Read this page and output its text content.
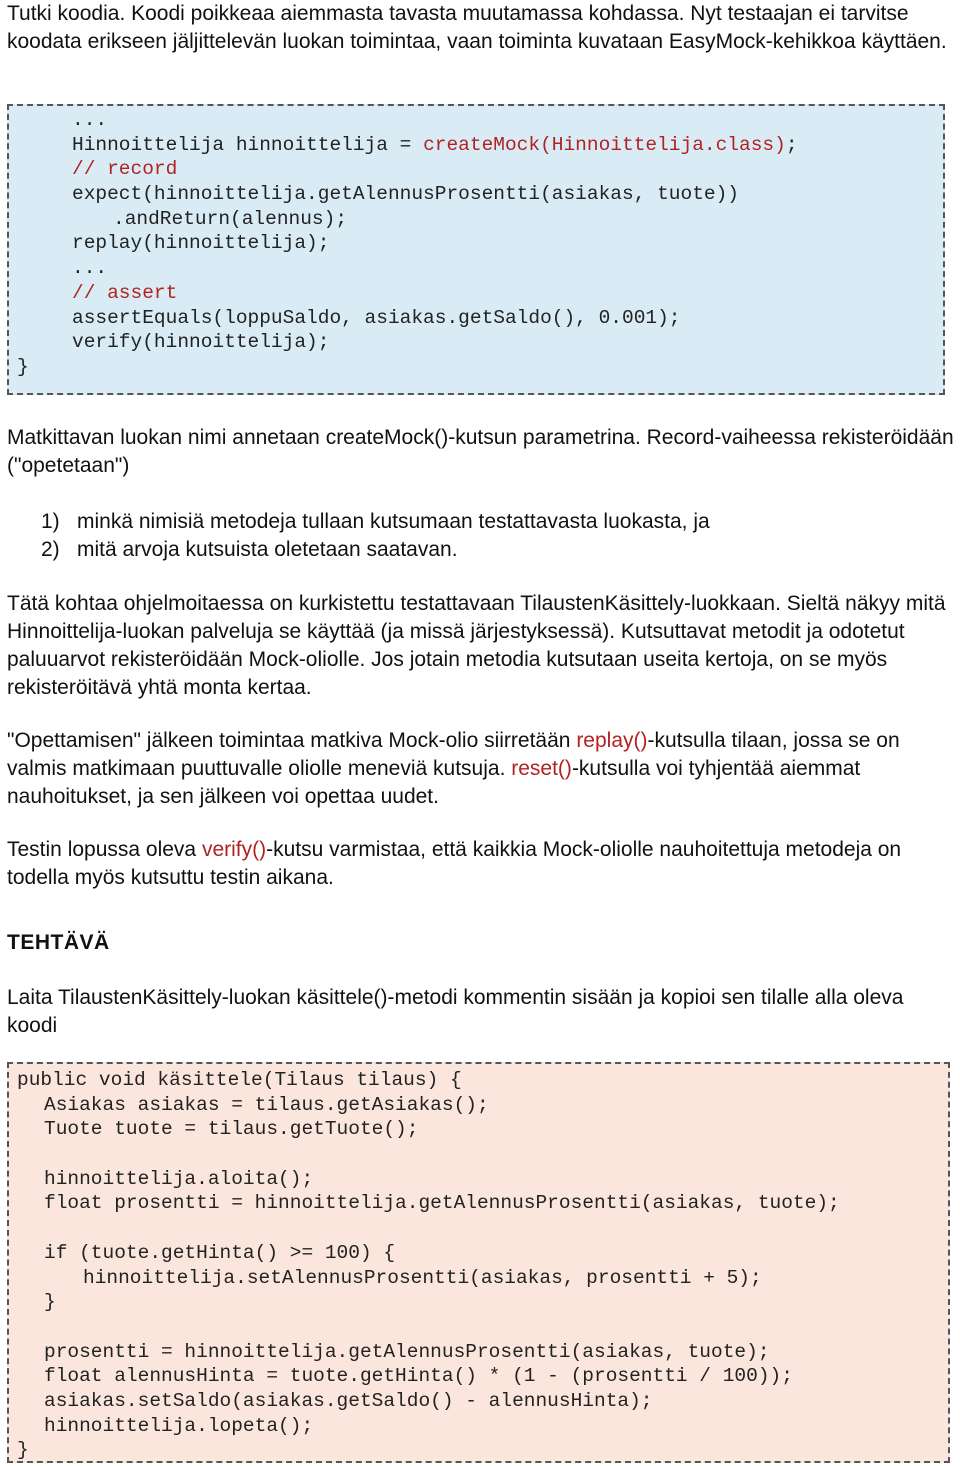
Tutki koodia. Koodi poikkeaa aiemmasta tavasta muutamassa kohdassa. Nyt testaajan ei tarvitse koodata erikseen jäljittelevän luokan toimintaa, vaan toiminta kuvataan EasyMock-kehikkoa käyttäen.

...
Hinnoittelija hinnoittelija = createMock(Hinnoittelija.class);
// record
expect(hinnoittelija.getAlennusProsentti(asiakas, tuote))
.andReturn(alennus);
replay(hinnoittelija);
...
// assert
assertEquals(loppuSaldo, asiakas.getSaldo(), 0.001);
verify(hinnoittelija);
}

Matkittavan luokan nimi annetaan createMock()-kutsun parametrina. Record-vaiheessa rekisteröidään ("opetetaan")

1) minkä nimisiä metodeja tullaan kutsumaan testattavasta luokasta, ja
2) mitä arvoja kutsuista oletetaan saatavan.

Tätä kohtaa ohjelmoitaessa on kurkistettu testattavaan TilaustenKäsittely-luokkaan. Sieltä näkyy mitä Hinnoittelija-luokan palveluja se käyttää (ja missä järjestyksessä). Kutsuttavat metodit ja odotetut paluuarvot rekisteröidään Mock-oliolle. Jos jotain metodia kutsutaan useita kertoja, on se myös rekisteröitävä yhtä monta kertaa.

"Opettamisen" jälkeen toimintaa matkiva Mock-olio siirretään replay()-kutsulla tilaan, jossa se on valmis matkimaan puuttuvalle oliolle meneviä kutsuja. reset()-kutsulla voi tyhjentää aiemmat nauhoitukset, ja sen jälkeen voi opettaa uudet.

Testin lopussa oleva verify()-kutsu varmistaa, että kaikkia Mock-oliolle nauhoitettuja metodeja on todella myös kutsuttu testin aikana.

TEHTÄVÄ

Laita TilaustenKäsittely-luokan käsittele()-metodi kommentin sisään ja kopioi sen tilalle alla oleva koodi

public void käsittele(Tilaus tilaus) {
Asiakas asiakas = tilaus.getAsiakas();
Tuote tuote = tilaus.getTuote();
hinnoittelija.aloita();
float prosentti = hinnoittelija.getAlennusProsentti(asiakas, tuote);
if (tuote.getHinta() >= 100) {
hinnoittelija.setAlennusProsentti(asiakas, prosentti + 5);
}
prosentti = hinnoittelija.getAlennusProsentti(asiakas, tuote);
float alennusHinta = tuote.getHinta() * (1 - (prosentti / 100));
asiakas.setSaldo(asiakas.getSaldo() - alennusHinta);
hinnoittelija.lopeta();
}
